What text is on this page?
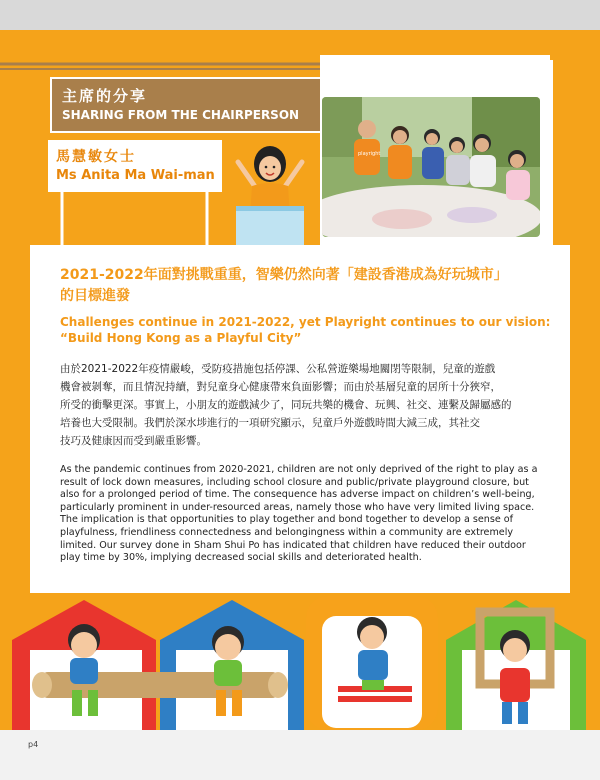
主席的分享
SHARING FROM THE CHAIRPERSON
馬慧敏女士
Ms Anita Ma Wai-man
playright
2021-2022年面對挑戰重重，智樂仍然向著「建設香港成為好玩城市」
的目標進發
Challenges continue in 2021-2022, yet Playright continues to our vision:
“Build Hong Kong as a Playful City”
由於2021-2022年疫情嚴峻，受防疫措施包括停課、公私營遊樂場地關閉等限制，兒童的遊戲
機會被剝奪，而且情況持續，對兒童身心健康帶來負面影響；而由於基層兒童的居所十分狹窄，
所受的衝擊更深。事實上，小朋友的遊戲減少了，同玩共樂的機會、玩興、社交、連繫及歸屬感的
培養也大受限制。我們於深水埗進行的一項研究顯示，兒童戶外遊戲時間大減三成，其社交
技巧及健康因而受到嚴重影響。
As the pandemic continues from 2020-2021, children are not only deprived of the right to play as a
result of lock down measures, including school closure and public/private playground closure, but
also for a prolonged period of time. The consequence has adverse impact on children’s well-being,
particularly prominent in under-resourced areas, namely those who have very limited living space.
The implication is that opportunities to play together and bond together to develop a sense of
playfulness, friendliness connectedness and belongingness within a community are extremely
limited. Our survey done in Sham Shui Po has indicated that children have reduced their outdoor
play time by 30%, implying decreased social skills and deteriorated health.
p4
